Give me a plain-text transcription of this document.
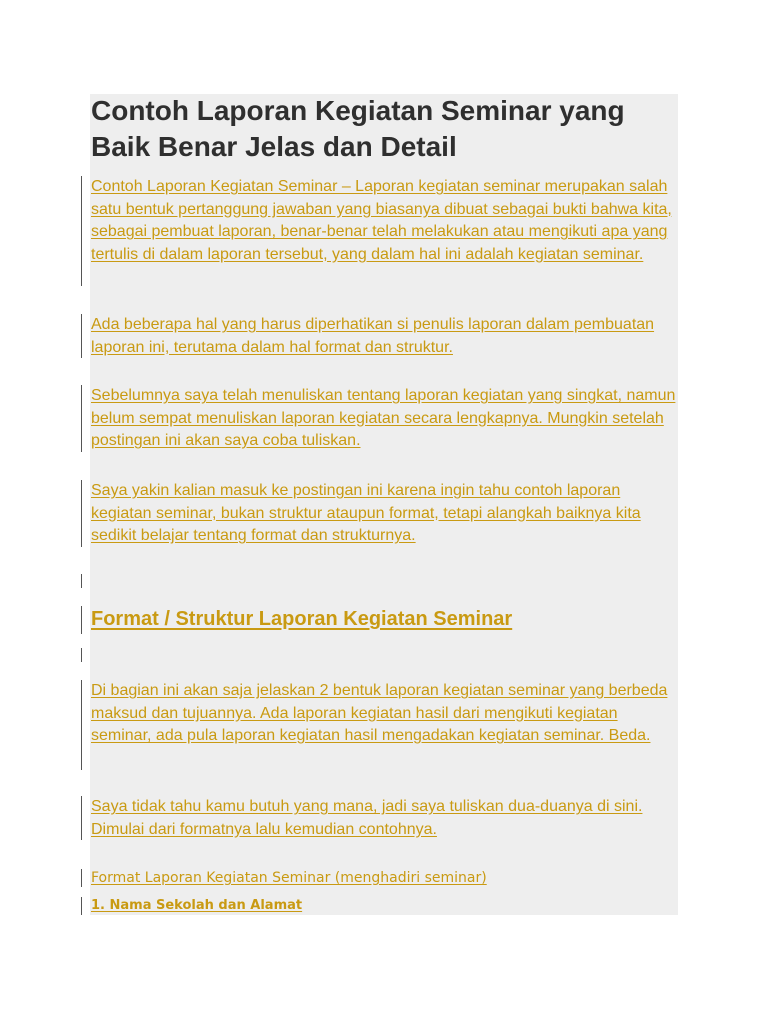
Contoh Laporan Kegiatan Seminar yang Baik Benar Jelas dan Detail

Contoh Laporan Kegiatan Seminar – Laporan kegiatan seminar merupakan salah satu bentuk pertanggung jawaban yang biasanya dibuat sebagai bukti bahwa kita, sebagai pembuat laporan, benar-benar telah melakukan atau mengikuti apa yang tertulis di dalam laporan tersebut, yang dalam hal ini adalah kegiatan seminar.

Ada beberapa hal yang harus diperhatikan si penulis laporan dalam pembuatan laporan ini, terutama dalam hal format dan struktur.

Sebelumnya saya telah menuliskan tentang laporan kegiatan yang singkat, namun belum sempat menuliskan laporan kegiatan secara lengkapnya. Mungkin setelah postingan ini akan saya coba tuliskan.

Saya yakin kalian masuk ke postingan ini karena ingin tahu contoh laporan kegiatan seminar, bukan struktur ataupun format, tetapi alangkah baiknya kita sedikit belajar tentang format dan strukturnya.

Format / Struktur Laporan Kegiatan Seminar

Di bagian ini akan saja jelaskan 2 bentuk laporan kegiatan seminar yang berbeda maksud dan tujuannya. Ada laporan kegiatan hasil dari mengikuti kegiatan seminar, ada pula laporan kegiatan hasil mengadakan kegiatan seminar. Beda.

Saya tidak tahu kamu butuh yang mana, jadi saya tuliskan dua-duanya di sini. Dimulai dari formatnya lalu kemudian contohnya.

Format Laporan Kegiatan Seminar (menghadiri seminar)

1. Nama Sekolah dan Alamat
